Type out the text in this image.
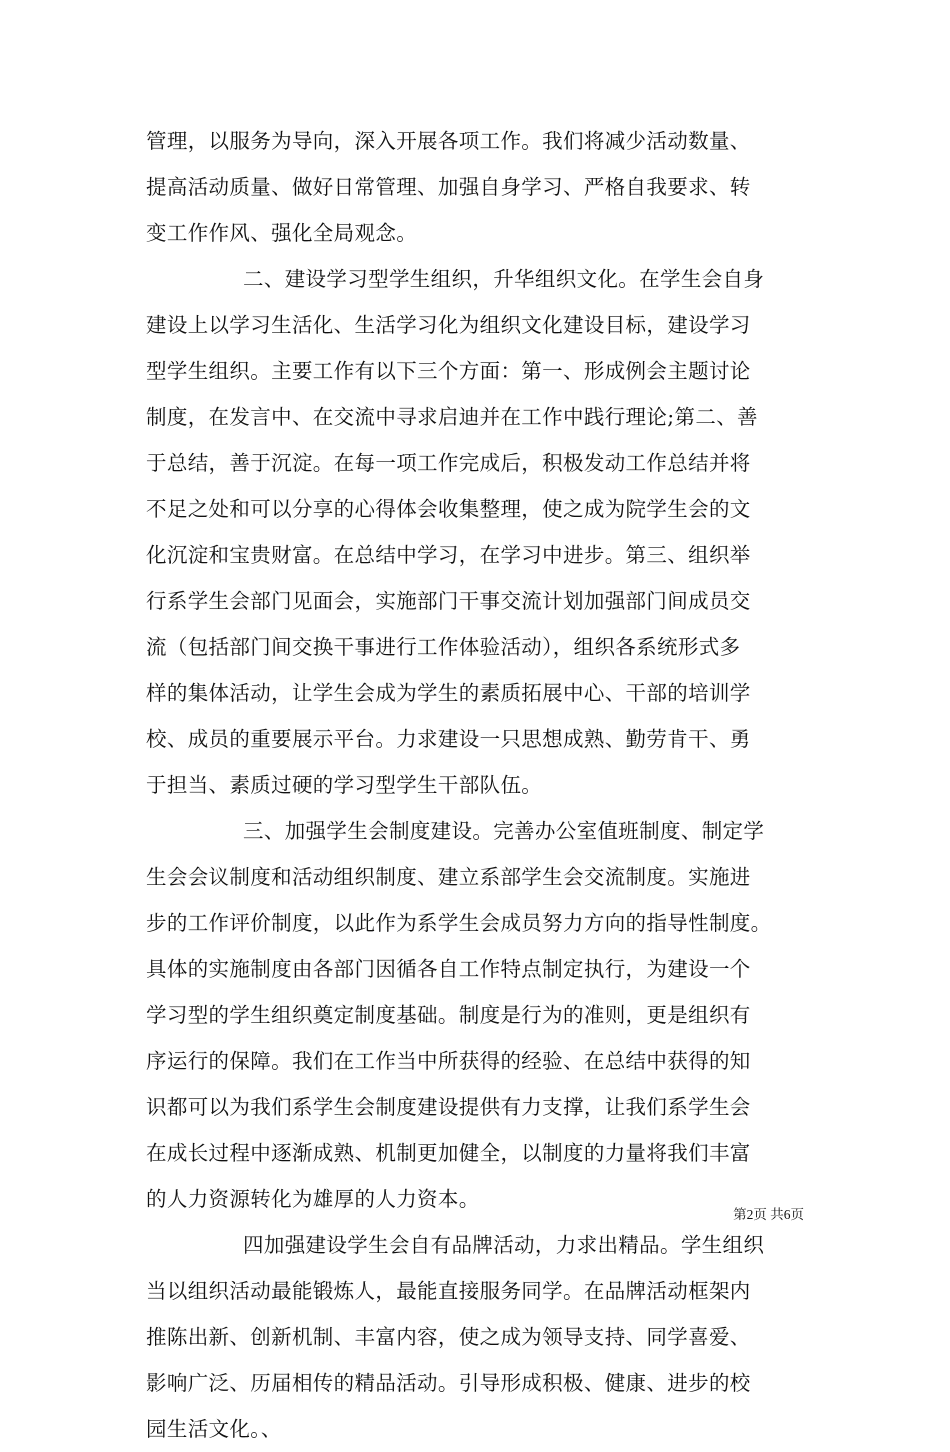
管理，以服务为导向，深入开展各项工作。我们将减少活动数量、
提高活动质量、做好日常管理、加强自身学习、严格自我要求、转
变工作作风、强化全局观念。
二、建设学习型学生组织，升华组织文化。在学生会自身
建设上以学习生活化、生活学习化为组织文化建设目标，建设学习
型学生组织。主要工作有以下三个方面：第一、形成例会主题讨论
制度，在发言中、在交流中寻求启迪并在工作中践行理论;第二、善
于总结，善于沉淀。在每一项工作完成后，积极发动工作总结并将
不足之处和可以分享的心得体会收集整理，使之成为院学生会的文
化沉淀和宝贵财富。在总结中学习，在学习中进步。第三、组织举
行系学生会部门见面会，实施部门干事交流计划加强部门间成员交
流（包括部门间交换干事进行工作体验活动），组织各系统形式多
样的集体活动，让学生会成为学生的素质拓展中心、干部的培训学
校、成员的重要展示平台。力求建设一只思想成熟、勤劳肯干、勇
于担当、素质过硬的学习型学生干部队伍。
三、加强学生会制度建设。完善办公室值班制度、制定学
生会会议制度和活动组织制度、建立系部学生会交流制度。实施进
步的工作评价制度，以此作为系学生会成员努力方向的指导性制度。
具体的实施制度由各部门因循各自工作特点制定执行，为建设一个
学习型的学生组织奠定制度基础。制度是行为的准则，更是组织有
序运行的保障。我们在工作当中所获得的经验、在总结中获得的知
识都可以为我们系学生会制度建设提供有力支撑，让我们系学生会
在成长过程中逐渐成熟、机制更加健全，以制度的力量将我们丰富
的人力资源转化为雄厚的人力资本。
四加强建设学生会自有品牌活动，力求出精品。学生组织
当以组织活动最能锻炼人，最能直接服务同学。在品牌活动框架内
推陈出新、创新机制、丰富内容，使之成为领导支持、同学喜爱、
影响广泛、历届相传的精品活动。引导形成积极、健康、进步的校
园生活文化。、
第2页 共6页
